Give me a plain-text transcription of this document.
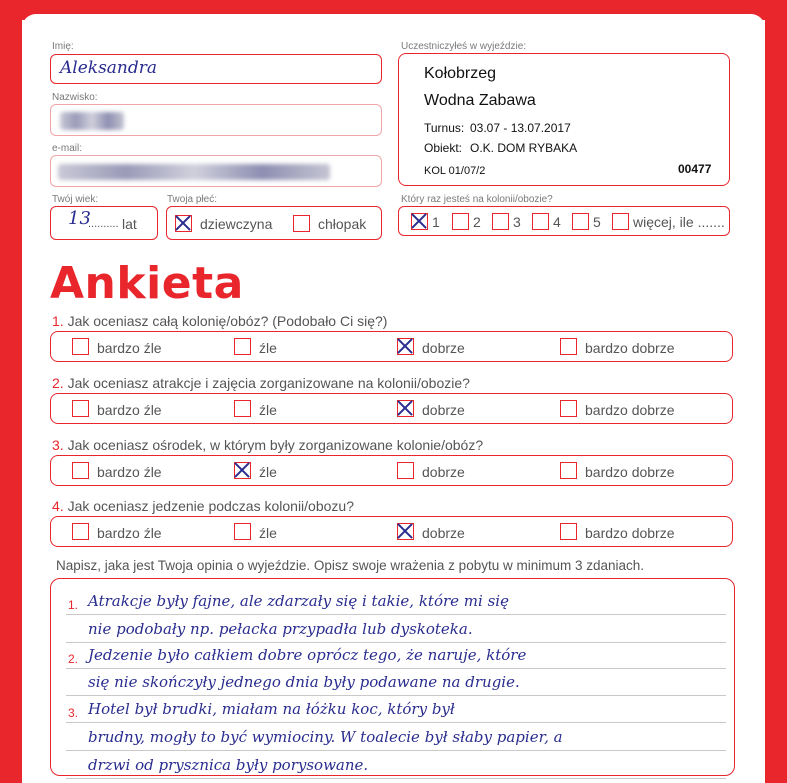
Imię:
Aleksandra
Nazwisko:
e-mail:
Twój wiek:
13
.......... lat
Twoja płeć:
dziewczyna	chłopak
Uczestniczyłeś w wyjeździe:
Kołobrzeg
Wodna Zabawa
Turnus: 03.07 - 13.07.2017
Obiekt: O.K. DOM RYBAKA
KOL 01/07/2	00477
Który raz jesteś na kolonii/obozie?
1 2 3 4 5 więcej, ile .......
Ankieta
1. Jak oceniasz całą kolonię/obóz? (Podobało Ci się?)
bardzo źle	źle	dobrze	bardzo dobrze
2. Jak oceniasz atrakcje i zajęcia zorganizowane na kolonii/obozie?
bardzo źle	źle	dobrze	bardzo dobrze
3. Jak oceniasz ośrodek, w którym były zorganizowane kolonie/obóz?
bardzo źle	źle	dobrze	bardzo dobrze
4. Jak oceniasz jedzenie podczas kolonii/obozu?
bardzo źle	źle	dobrze	bardzo dobrze
Napisz, jaka jest Twoja opinia o wyjeździe. Opisz swoje wrażenia z pobytu w minimum 3 zdaniach.
Atrakcje były fajne, ale zdarzały się i takie, które mi się
nie podobały np. pełacka przypadła lub dyskoteka.
Jedzenie było całkiem dobre oprócz tego, że naruje, które
się nie skończyły jednego dnia były podawane na drugie.
Hotel był brudki, miałam na łóżku koc, który był
brudny, mogły to być wymiociny. W toalecie był słaby papier, a
drzwi od prysznica były porysowane.
1.
2.
3.
